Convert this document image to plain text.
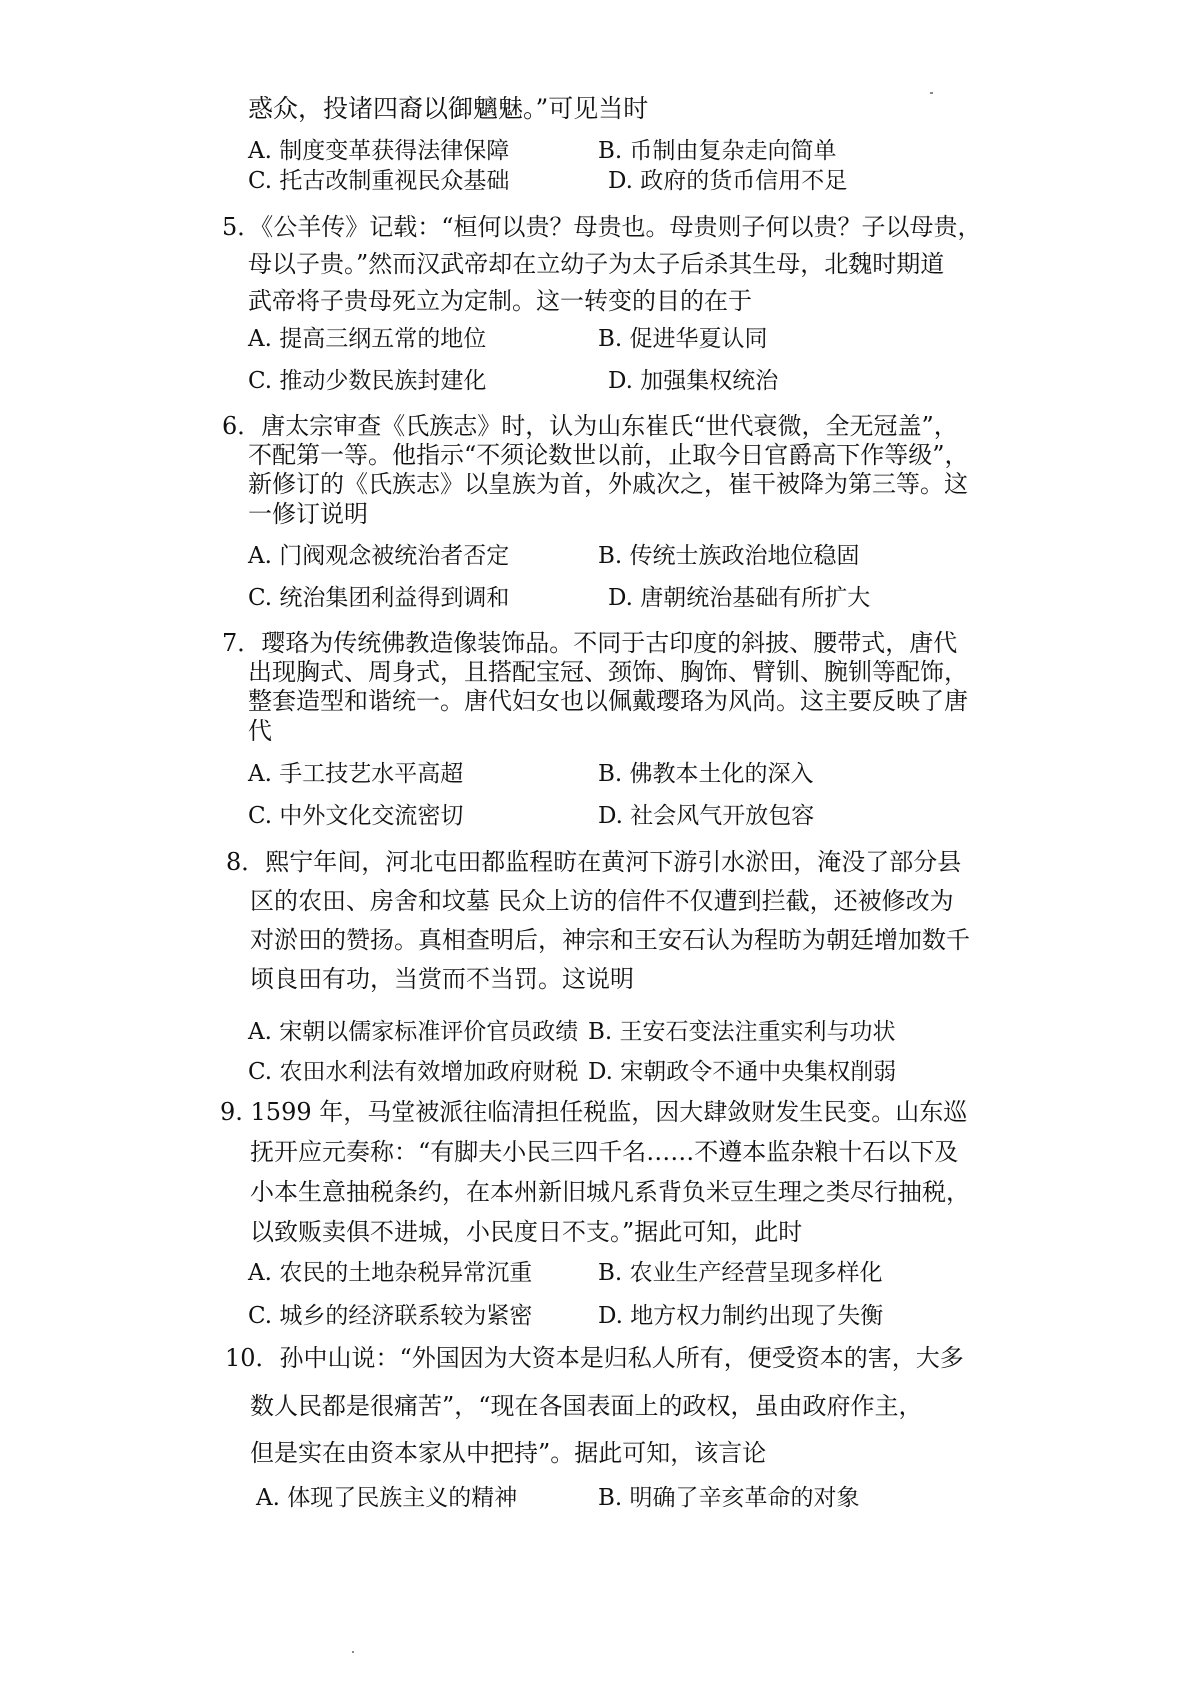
惑众，投诸四裔以御魑魅。”可见当时
A. 制度变革获得法律保障	B. 币制由复杂走向简单
C. 托古改制重视民众基础	D. 政府的货币信用不足
5．《公羊传》记载：“桓何以贵？母贵也。母贵则子何以贵？子以母贵，
母以子贵。”然而汉武帝却在立幼子为太子后杀其生母，北魏时期道
武帝将子贵母死立为定制。这一转变的目的在于
A. 提高三纲五常的地位	B. 促进华夏认同
C. 推动少数民族封建化	D. 加强集权统治
6．唐太宗审查《氏族志》时，认为山东崔氏“世代衰微，全无冠盖”，
不配第一等。他指示“不须论数世以前，止取今日官爵高下作等级”，
新修订的《氏族志》以皇族为首，外戚次之，崔干被降为第三等。这
一修订说明
A. 门阀观念被统治者否定	B. 传统士族政治地位稳固
C. 统治集团利益得到调和	D. 唐朝统治基础有所扩大
7．璎珞为传统佛教造像装饰品。不同于古印度的斜披、腰带式，唐代
出现胸式、周身式，且搭配宝冠、颈饰、胸饰、臂钏、腕钏等配饰，
整套造型和谐统一。唐代妇女也以佩戴璎珞为风尚。这主要反映了唐
代
A. 手工技艺水平高超	B. 佛教本土化的深入
C. 中外文化交流密切	D. 社会风气开放包容
8．熙宁年间，河北屯田都监程昉在黄河下游引水淤田，淹没了部分县
区的农田、房舍和坟墓 民众上访的信件不仅遭到拦截，还被修改为
对淤田的赞扬。真相查明后，神宗和王安石认为程昉为朝廷增加数千
顷良田有功，当赏而不当罚。这说明
A. 宋朝以儒家标准评价官员政绩 B. 王安石变法注重实利与功状
C. 农田水利法有效增加政府财税 D. 宋朝政令不通中央集权削弱
9. 1599 年，马堂被派往临清担任税监，因大肆敛财发生民变。山东巡
抚开应元奏称：“有脚夫小民三四千名……不遵本监杂粮十石以下及
小本生意抽税条约，在本州新旧城凡系背负米豆生理之类尽行抽税，
以致贩卖俱不进城，小民度日不支。”据此可知，此时
A. 农民的土地杂税异常沉重	B. 农业生产经营呈现多样化
C. 城乡的经济联系较为紧密	D. 地方权力制约出现了失衡
10．孙中山说：“外国因为大资本是归私人所有，便受资本的害，大多
数人民都是很痛苦”，“现在各国表面上的政权，虽由政府作主，
但是实在由资本家从中把持”。据此可知，该言论
A. 体现了民族主义的精神	B. 明确了辛亥革命的对象
